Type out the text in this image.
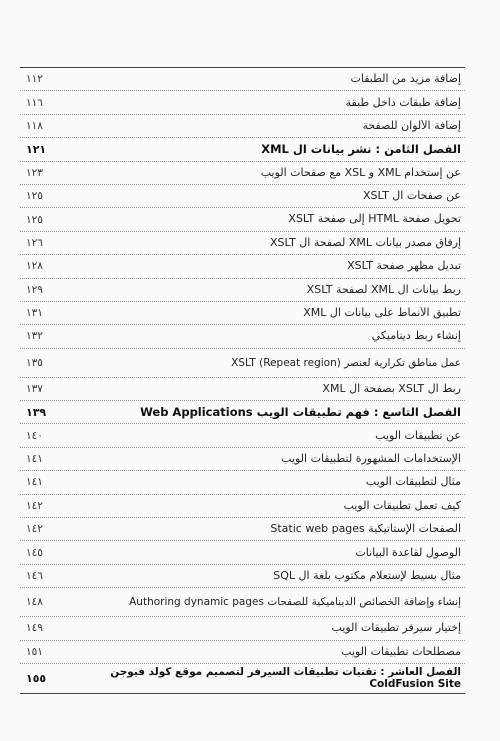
١١٢	إضافة مزيد من الطبقات
١١٦	إضافة طبقات داخل طبقة
١١٨	إضافة الألوان للصفحة
١٢١	الفصل الثامن : نشر بيانات ال XML
١٢٣	عن إستخدام XML و XSL مع صفحات الويب
١٢٥	عن صفحات ال XSLT
١٢٥	تحويل صفحة HTML إلى صفحة XSLT
١٢٦	إرفاق مصدر بيانات XML لصفحة ال XSLT
١٢٨	تبديل مظهر صفحة XSLT
١٢٩	ربط بيانات ال XML لصفحة XSLT
١٣١	تطبيق الأنماط على بيانات ال XML
١٣٢	إنشاء ربط ديناميكي
١٣٥	عمل مناطق تكرارية لعنصر XSLT (Repeat region)
١٣٧	ربط ال XSLT بصفحة ال XML
١٣٩	الفصل التاسع : فهم تطبيقات الويب Web Applications
١٤٠	عن تطبيقات الويب
١٤١	الإستخدامات المشهورة لتطبيقات الويب
١٤١	مثال لتطبيقات الويب
١٤٢	كيف تعمل تطبيقات الويب
١٤٢	الصفحات الإستاتيكية Static web pages
١٤٥	الوصول لقاعدة البيانات
١٤٦	مثال بسيط لإستعلام مكتوب بلغة ال SQL
١٤٨	إنشاء وإضافة الخصائص الديناميكية للصفحات Authoring dynamic pages
١٤٩	إختيار سيرفر تطبيقات الويب
١٥١	مصطلحات تطبيقات الويب
١٥٥	الفصل العاشر : تقنيات تطبيقات السيرفر لتصميم موقع كولد فيوجن ColdFusion Site
